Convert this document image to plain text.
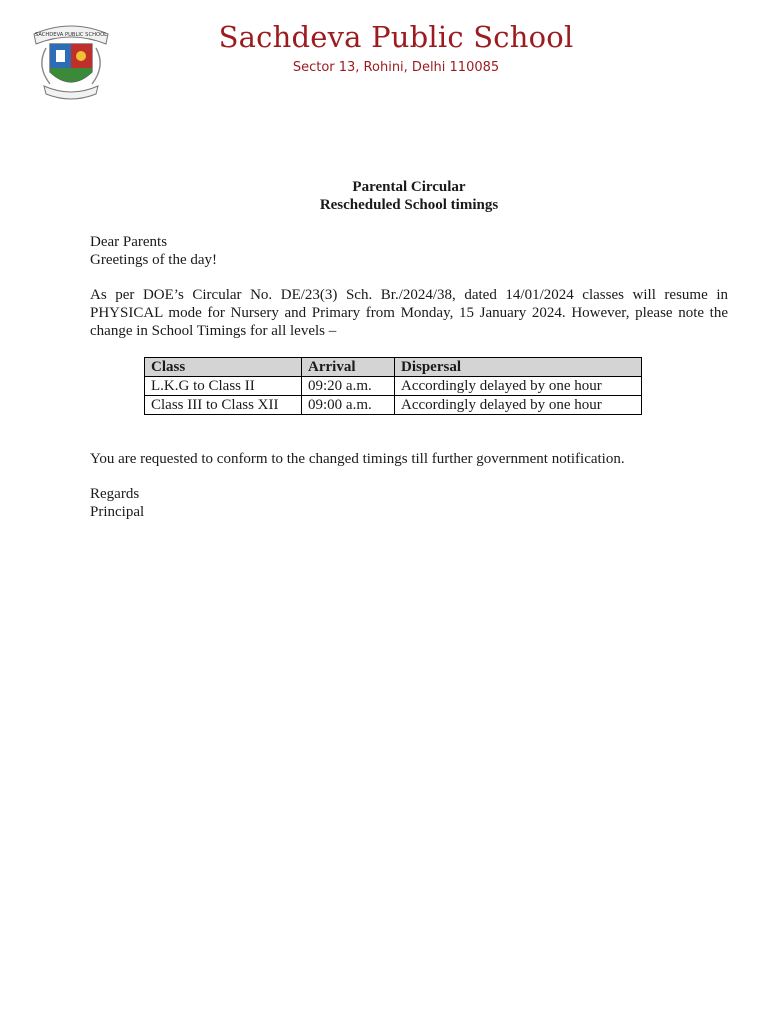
SACHDEVA PUBLIC SCHOOL	Sachdeva Public School
Sector 13, Rohini, Delhi 110085
Parental Circular
Rescheduled School timings
Dear Parents
Greetings of the day!
As per DOE’s Circular No. DE/23(3) Sch. Br./2024/38, dated 14/01/2024 classes will resume in PHYSICAL mode for Nursery and Primary from Monday, 15 January 2024. However, please note the change in School Timings for all levels –
Class	Arrival	Dispersal
L.K.G to Class II	09:20 a.m.	Accordingly delayed by one hour
Class III to Class XII	09:00 a.m.	Accordingly delayed by one hour
You are requested to conform to the changed timings till further government notification.
Regards
Principal
